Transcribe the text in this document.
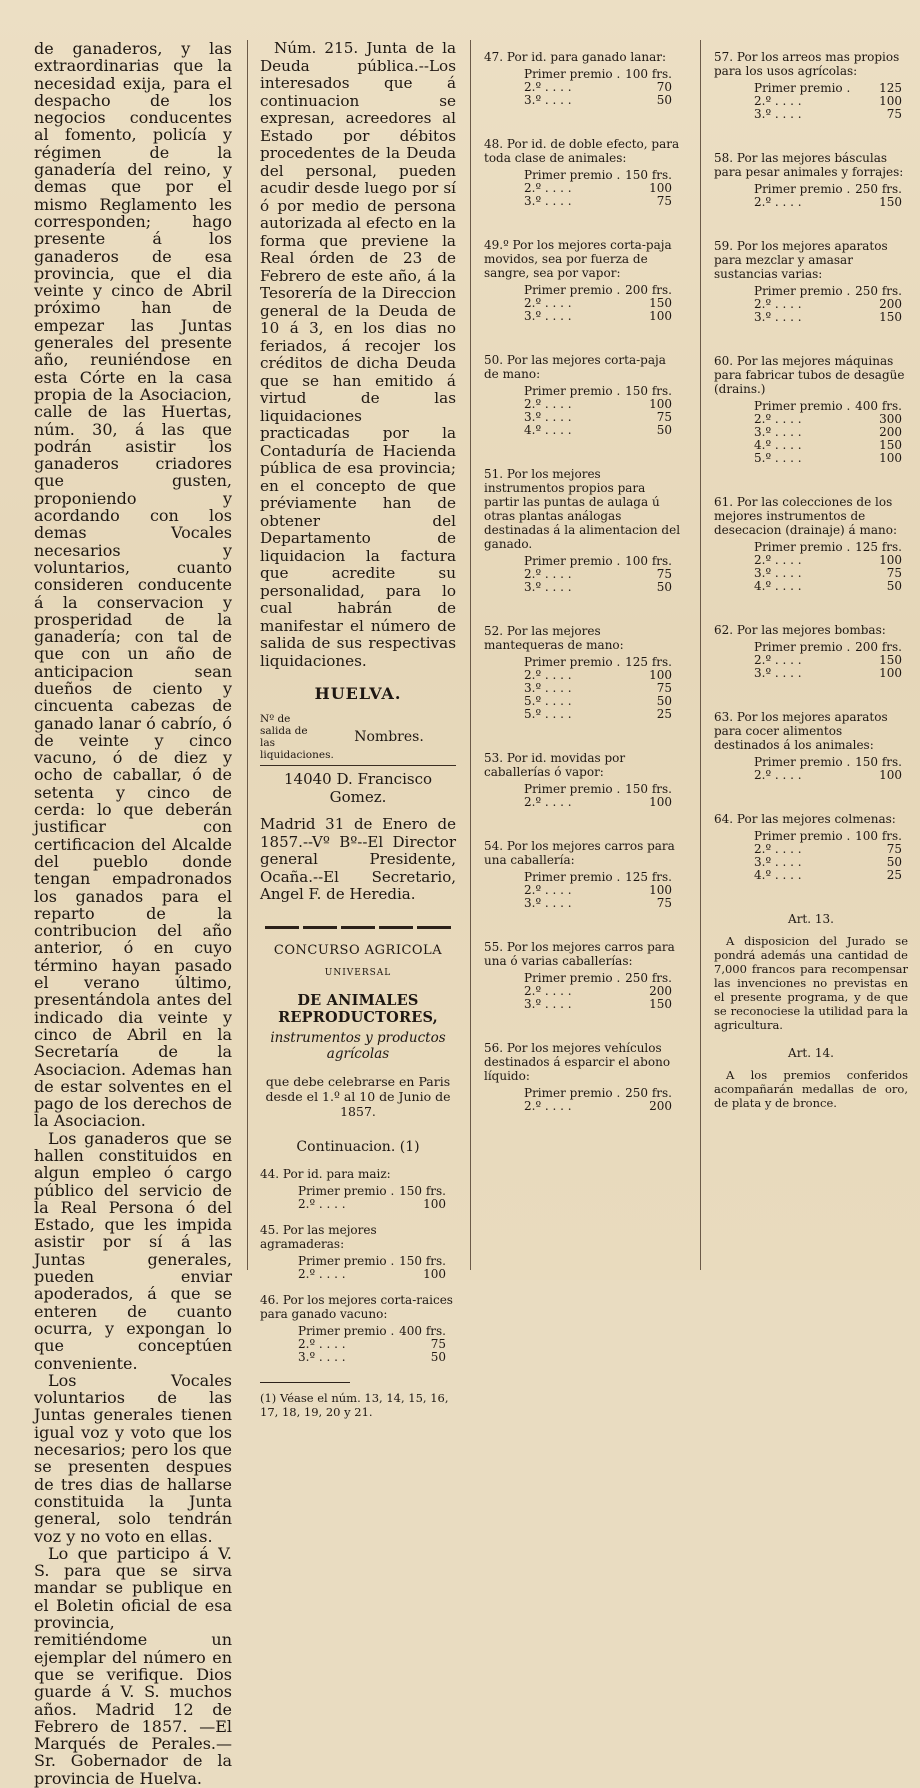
de ganaderos, y las extraordinarias que la necesidad exija, para el despacho de los negocios conducentes al fomento, policía y régimen de la ganadería del reino, y demas que por el mismo Reglamento les corresponden; hago presente á los ganaderos de esa provincia, que el dia veinte y cinco de Abril próximo han de empezar las Juntas generales del presente año, reuniéndose en esta Córte en la casa propia de la Asociacion, calle de las Huertas, núm. 30, á las que podrán asistir los ganaderos criadores que gusten, proponiendo y acordando con los demas Vocales necesarios y voluntarios, cuanto consideren conducente á la conservacion y prosperidad de la ganadería; con tal de que con un año de anticipacion sean dueños de ciento y cincuenta cabezas de ganado lanar ó cabrío, ó de veinte y cinco vacuno, ó de diez y ocho de caballar, ó de setenta y cinco de cerda: lo que deberán justificar con certificacion del Alcalde del pueblo donde tengan empadronados los ganados para el reparto de la contribucion del año anterior, ó en cuyo término hayan pasado el verano último, presentándola antes del indicado dia veinte y cinco de Abril en la Secretaría de la Asociacion. Ademas han de estar solventes en el pago de los derechos de la Asociacion.

Los ganaderos que se hallen constituidos en algun empleo ó cargo público del servicio de la Real Persona ó del Estado, que les impida asistir por sí á las Juntas generales, pueden enviar apoderados, á que se enteren de cuanto ocurra, y expongan lo que conceptúen conveniente.

Los Vocales voluntarios de las Juntas generales tienen igual voz y voto que los necesarios; pero los que se presenten despues de tres dias de hallarse constituida la Junta general, solo tendrán voz y no voto en ellas.

Lo que participo á V. S. para que se sirva mandar se publique en el Boletin oficial de esa provincia, remitiéndome un ejemplar del número en que se verifique. Dios guarde á V. S. muchos años. Madrid 12 de Febrero de 1857. —El Marqués de Perales.—Sr. Gobernador de la provincia de Huelva.

Núm. 215. Junta de la Deuda pública.--Los interesados que á continuacion se expresan, acreedores al Estado por débitos procedentes de la Deuda del personal, pueden acudir desde luego por sí ó por medio de persona autorizada al efecto en la forma que previene la Real órden de 23 de Febrero de este año, á la Tesorería de la Direccion general de la Deuda de 10 á 3, en los dias no feriados, á recojer los créditos de dicha Deuda que se han emitido á virtud de las liquidaciones practicadas por la Contaduría de Hacienda pública de esa provincia; en el concepto de que préviamente han de obtener del Departamento de liquidacion la factura que acredite su personalidad, para lo cual habrán de manifestar el número de salida de sus respectivas liquidaciones.

HUELVA.
Nº de salida de las liquidaciones.
Nombres.
14040 D. Francisco Gomez.

Madrid 31 de Enero de 1857.--Vº Bº--El Director general Presidente, Ocaña.--El Secretario, Angel F. de Heredia.

CONCURSO AGRICOLA

UNIVERSAL

DE ANIMALES REPRODUCTORES,

instrumentos y productos agrícolas

que debe celebrarse en Paris desde el 1.º al 10 de Junio de 1857.

Continuacion. (1)

44. Por id. para maiz:

Primer premio . 150 frs.
2.º . . . .	100

45. Por las mejores agramaderas:

Primer premio . 150 frs.
2.º . . . .	100

46. Por los mejores corta-raices para ganado vacuno:

Primer premio . 400 frs.
2.º . . . .	75
3.º . . . .	50

(1) Véase el núm. 13, 14, 15, 16, 17, 18, 19, 20 y 21.

47. Por id. para ganado lanar:

Primer premio . 100 frs.
2.º . . . .	70
3.º . . . .	50

48. Por id. de doble efecto, para toda clase de animales:

Primer premio . 150 frs.
2.º . . . .	100
3.º . . . .	75

49.º Por los mejores corta-paja movidos, sea por fuerza de sangre, sea por vapor:

Primer premio . 200 frs.
2.º . . . .	150
3.º . . . .	100

50. Por las mejores corta-paja de mano:

Primer premio . 150 frs.
2.º . . . .	100
3.º . . . .	75
4.º . . . .	50

51. Por los mejores instrumentos propios para partir las puntas de aulaga ú otras plantas análogas destinadas á la alimentacion del ganado.

Primer premio . 100 frs.
2.º . . . .	75
3.º . . . .	50

52. Por las mejores mantequeras de mano:

Primer premio . 125 frs.
2.º . . . .	100
3.º . . . .	75
5.º . . . .	50
5.º . . . .	25

53. Por id. movidas por caballerías ó vapor:

Primer premio . 150 frs.
2.º . . . .	100

54. Por los mejores carros para una caballería:

Primer premio . 125 frs.
2.º . . . .	100
3.º . . . .	75

55. Por los mejores carros para una ó varias caballerías:

Primer premio . 250 frs.
2.º . . . .	200
3.º . . . .	150

56. Por los mejores vehículos destinados á esparcir el abono líquido:

Primer premio . 250 frs.
2.º . . . .	200

57. Por los arreos mas propios para los usos agrícolas:

Primer premio .	125
2.º . . . .	100
3.º . . . .	75

58. Por las mejores básculas para pesar animales y forrajes:

Primer premio . 250 frs.
2.º . . . .	150

59. Por los mejores aparatos para mezclar y amasar sustancias varias:

Primer premio . 250 frs.
2.º . . . .	200
3.º . . . .	150

60. Por las mejores máquinas para fabricar tubos de desagüe (drains.)

Primer premio . 400 frs.
2.º . . . .	300
3.º . . . .	200
4.º . . . .	150
5.º . . . .	100

61. Por las colecciones de los mejores instrumentos de desecacion (drainaje) á mano:

Primer premio . 125 frs.
2.º . . . .	100
3.º . . . .	75
4.º . . . .	50

62. Por las mejores bombas:

Primer premio . 200 frs.
2.º . . . .	150
3.º . . . .	100

63. Por los mejores aparatos para cocer alimentos destinados á los animales:

Primer premio . 150 frs.
2.º . . . .	100

64. Por las mejores colmenas:

Primer premio . 100 frs.
2.º . . . .	75
3.º . . . .	50
4.º . . . .	25
Art. 13.

A disposicion del Jurado se pondrá además una cantidad de 7,000 francos para recompensar las invenciones no previstas en el presente programa, y de que se reconociese la utilidad para la agricultura.

Art. 14.

A los premios conferidos acompañarán medallas de oro, de plata y de bronce.
